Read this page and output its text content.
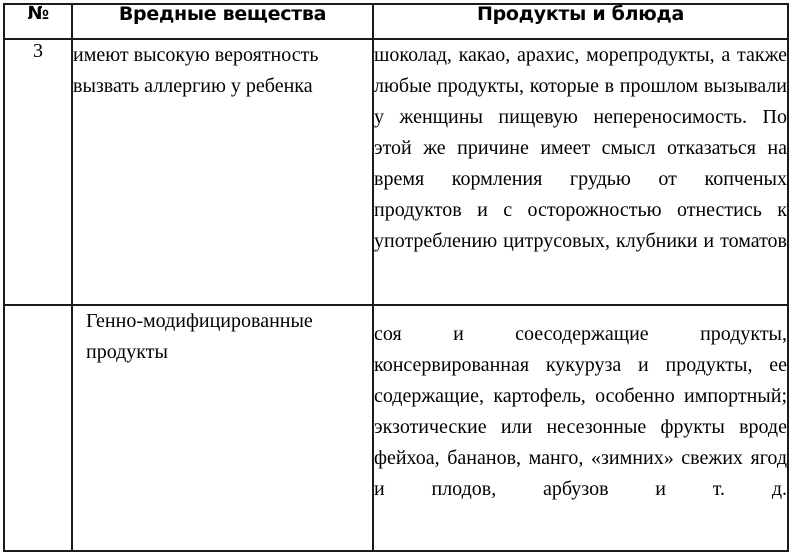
№	Вредные вещества	Продукты и блюда
3	имеют высокую вероятность вызвать аллергию у ребенка	шоколад, какао, арахис, морепродукты, а также любые продукты, которые в прошлом вызывали у женщины пищевую непереносимость. По этой же причине имеет смысл отказаться на время кормления грудью от копченых продуктов и с осторожностью отнестись к употреблению цитрусовых, клубники и томатов

	Генно-модифицированные продукты	соя и соесодержащие продукты, консервированная кукуруза и продукты, ее содержащие, картофель, особенно импортный; экзотические или несезонные фрукты вроде фейхоа, бананов, манго, «зимних» свежих ягод и плодов, арбузов и т. д.
